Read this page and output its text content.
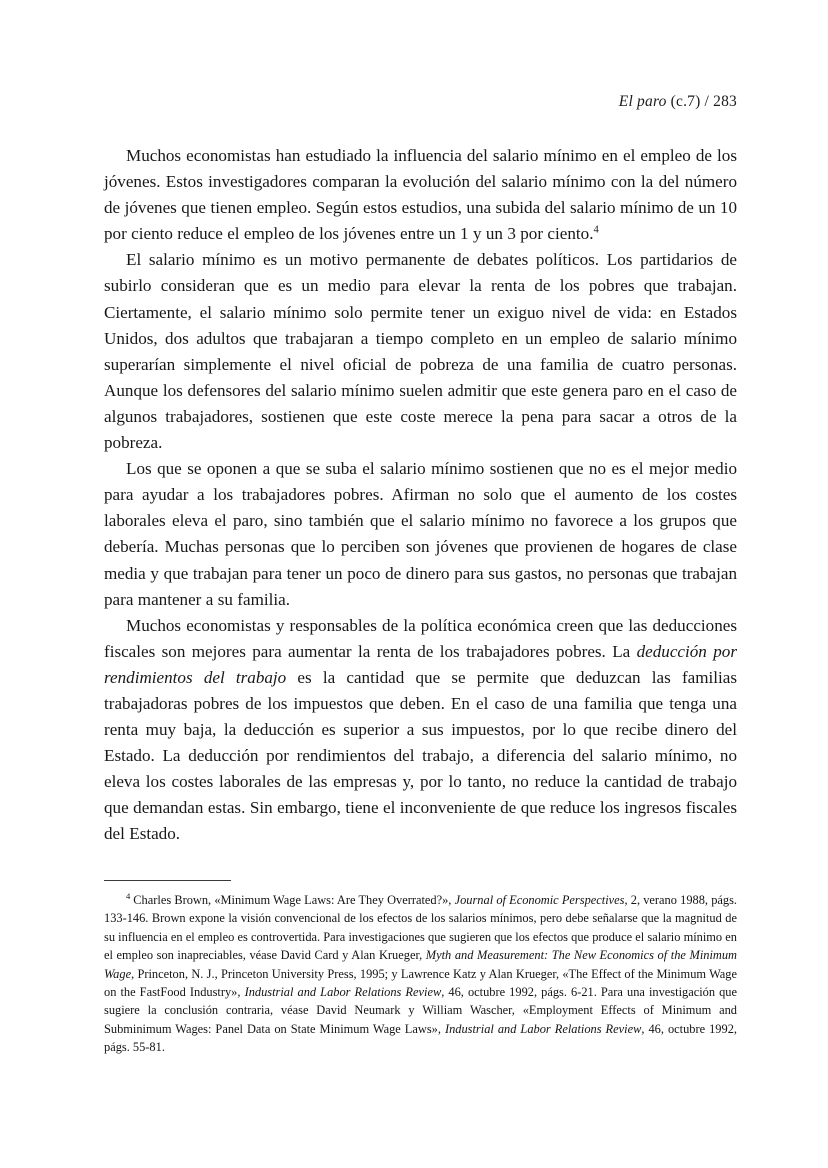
El paro (c.7) / 283

Muchos economistas han estudiado la influencia del salario mínimo en el empleo de los jóvenes. Estos investigadores comparan la evolución del salario mínimo con la del número de jóvenes que tienen empleo. Según estos estudios, una subida del salario mínimo de un 10 por ciento reduce el empleo de los jóvenes entre un 1 y un 3 por ciento.$^4$

El salario mínimo es un motivo permanente de debates políticos. Los partidarios de subirlo consideran que es un medio para elevar la renta de los pobres que trabajan. Ciertamente, el salario mínimo solo permite tener un exiguo nivel de vida: en Estados Unidos, dos adultos que trabajaran a tiempo completo en un empleo de salario mínimo superarían simplemente el nivel oficial de pobreza de una familia de cuatro personas. Aunque los defensores del salario mínimo suelen admitir que este genera paro en el caso de algunos trabajadores, sostienen que este coste merece la pena para sacar a otros de la pobreza.

Los que se oponen a que se suba el salario mínimo sostienen que no es el mejor medio para ayudar a los trabajadores pobres. Afirman no solo que el aumento de los costes laborales eleva el paro, sino también que el salario mínimo no favorece a los grupos que debería. Muchas personas que lo perciben son jóvenes que provienen de hogares de clase media y que trabajan para tener un poco de dinero para sus gastos, no personas que trabajan para mantener a su familia.

Muchos economistas y responsables de la política económica creen que las deducciones fiscales son mejores para aumentar la renta de los trabajadores pobres. La deducción por rendimientos del trabajo es la cantidad que se permite que deduzcan las familias trabajadoras pobres de los impuestos que deben. En el caso de una familia que tenga una renta muy baja, la deducción es superior a sus impuestos, por lo que recibe dinero del Estado. La deducción por rendimientos del trabajo, a diferencia del salario mínimo, no eleva los costes laborales de las empresas y, por lo tanto, no reduce la cantidad de trabajo que demandan estas. Sin embargo, tiene el inconveniente de que reduce los ingresos fiscales del Estado.

$^4$ Charles Brown, «Minimum Wage Laws: Are They Overrated?», Journal of Economic Perspectives, 2, verano 1988, págs. 133-146. Brown expone la visión convencional de los efectos de los salarios mínimos, pero debe señalarse que la magnitud de su influencia en el empleo es controvertida. Para investigaciones que sugieren que los efectos que produce el salario mínimo en el empleo son inapreciables, véase David Card y Alan Krueger, Myth and Measurement: The New Economics of the Minimum Wage, Princeton, N. J., Princeton University Press, 1995; y Lawrence Katz y Alan Krueger, «The Effect of the Minimum Wage on the FastFood Industry», Industrial and Labor Relations Review, 46, octubre 1992, págs. 6-21. Para una investigación que sugiere la conclusión contraria, véase David Neumark y William Wascher, «Employment Effects of Minimum and Subminimum Wages: Panel Data on State Minimum Wage Laws», Industrial and Labor Relations Review, 46, octubre 1992, págs. 55-81.
